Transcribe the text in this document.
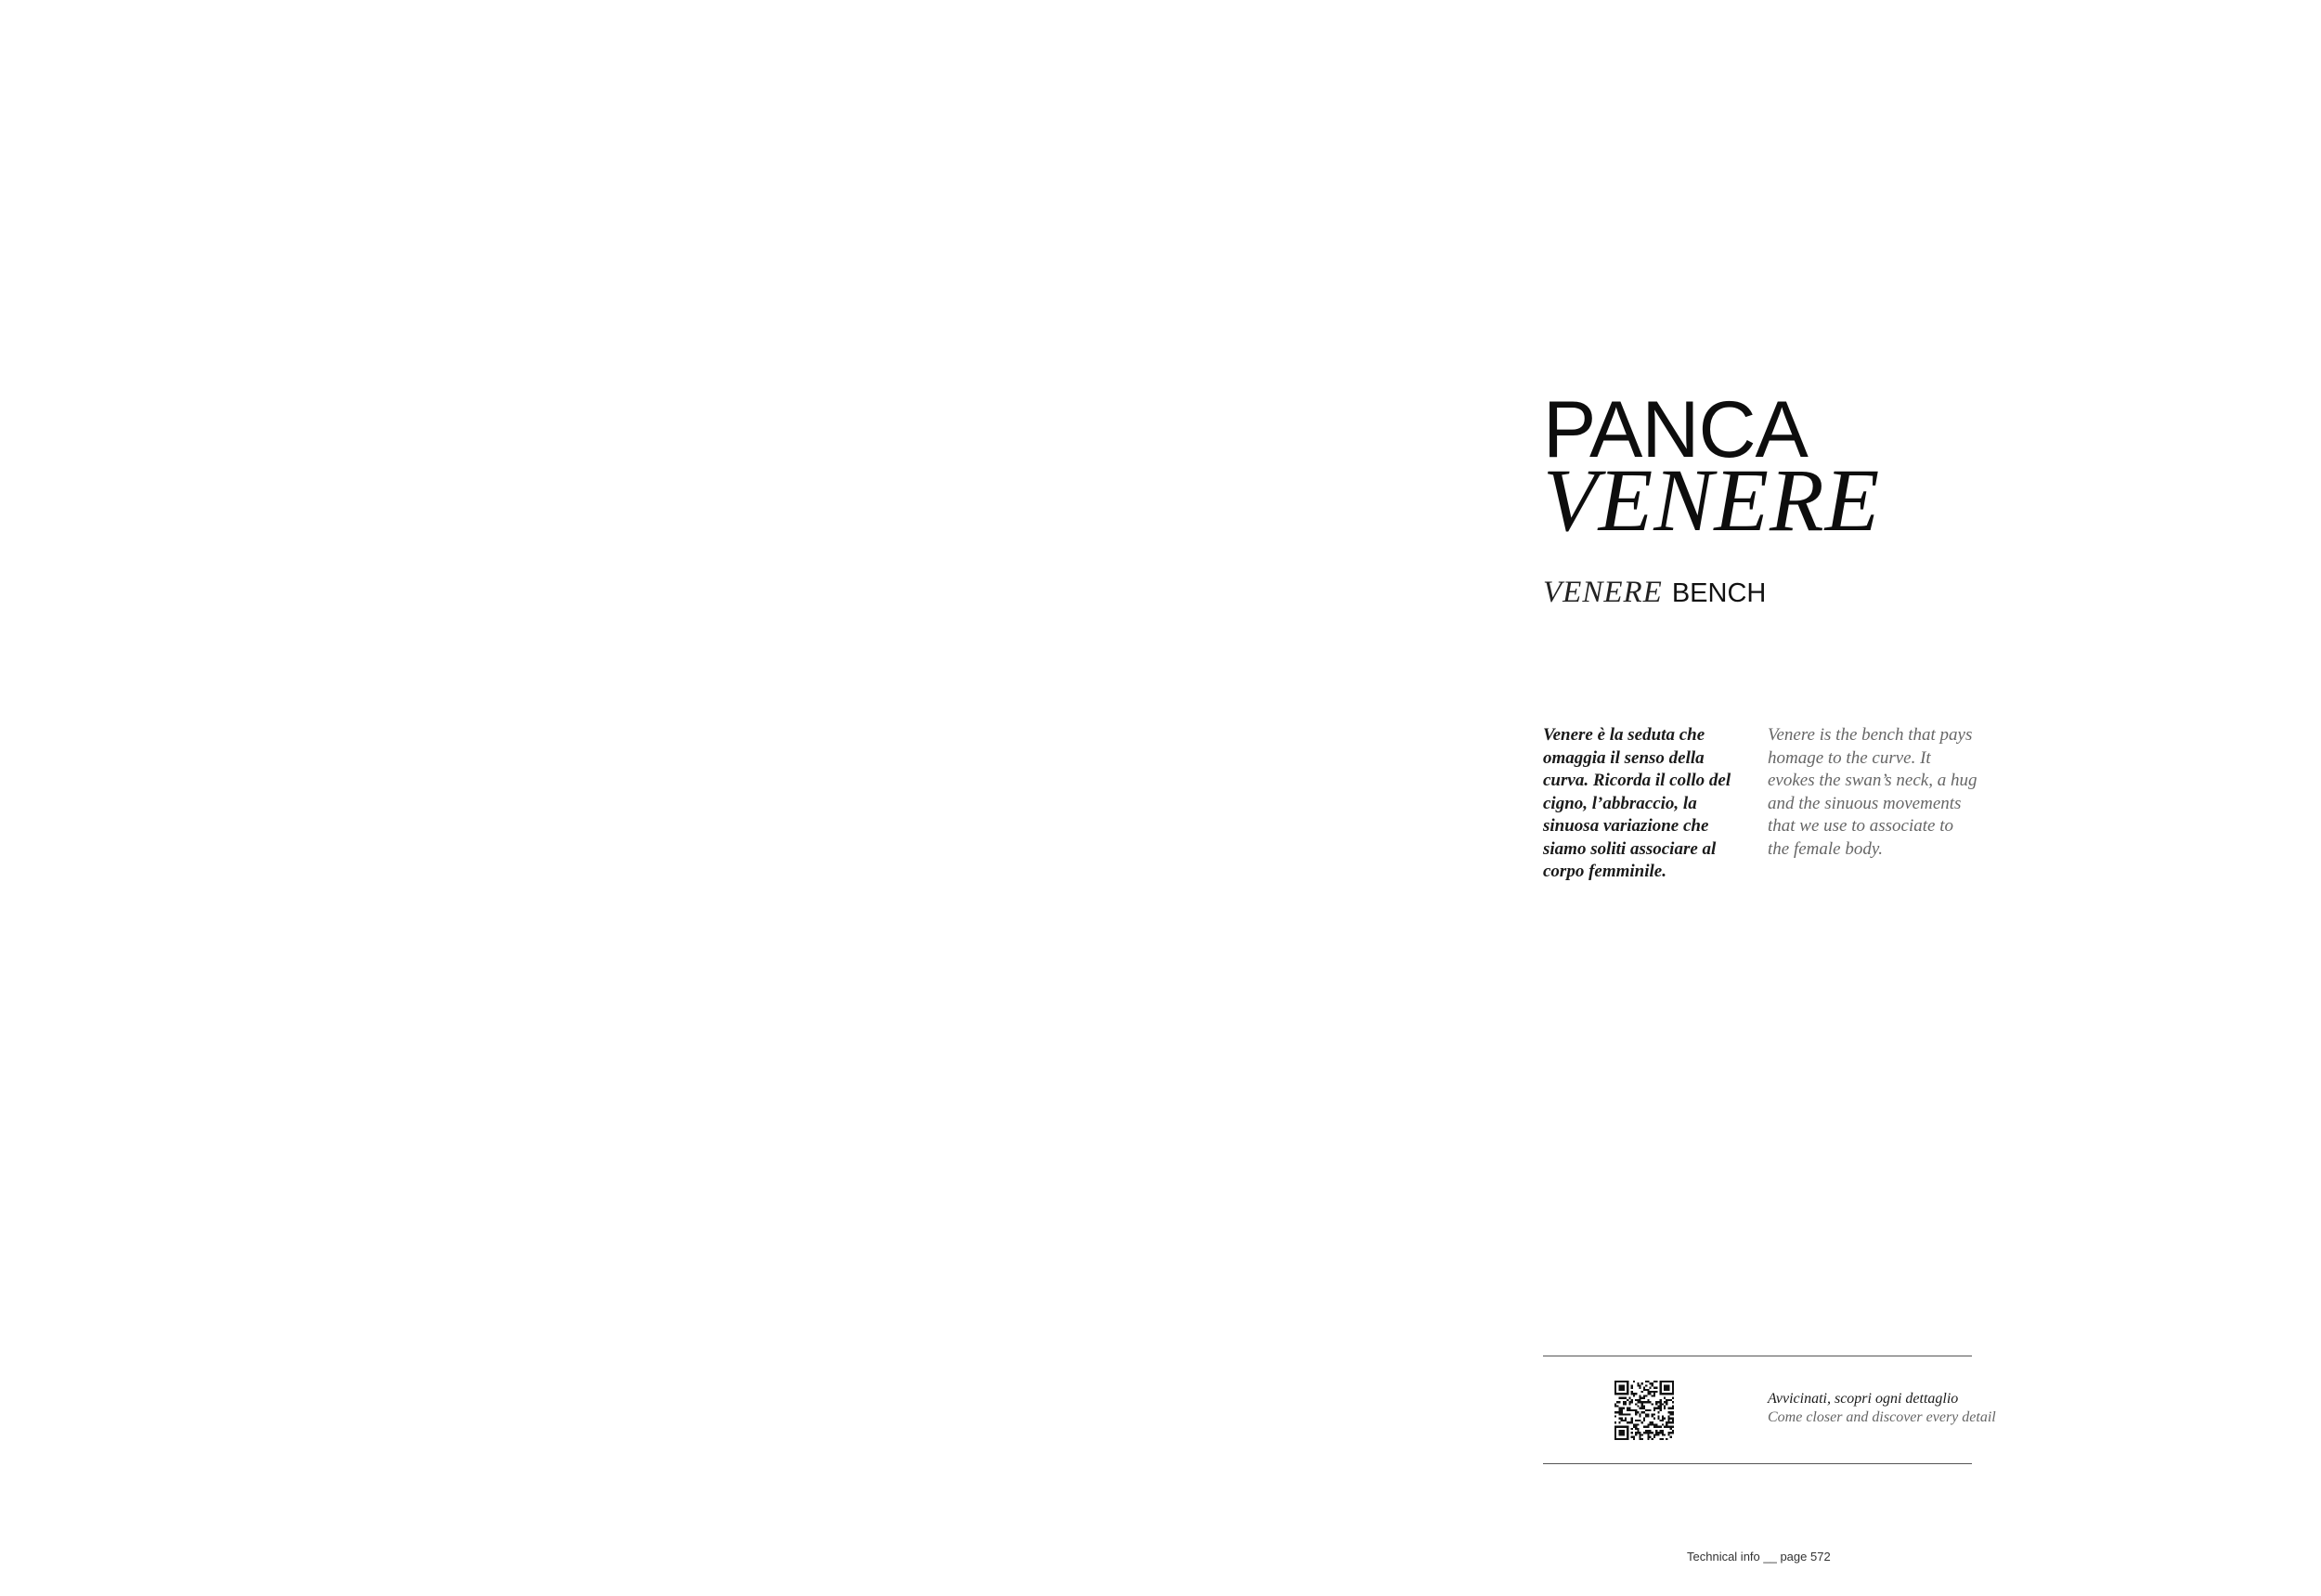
PANCA
VENERE
VENERE BENCH

Venere è la seduta che omaggia il senso della curva. Ricorda il collo del cigno, l’abbraccio, la sinuosa variazione che siamo soliti associare al corpo femminile.

Venere is the bench that pays homage to the curve. It evokes the swan’s neck, a hug and the sinuous movements that we use to associate to the female body.

Avvicinati, scopri ogni dettaglio
Come closer and discover every detail
Technical info __ page 572
